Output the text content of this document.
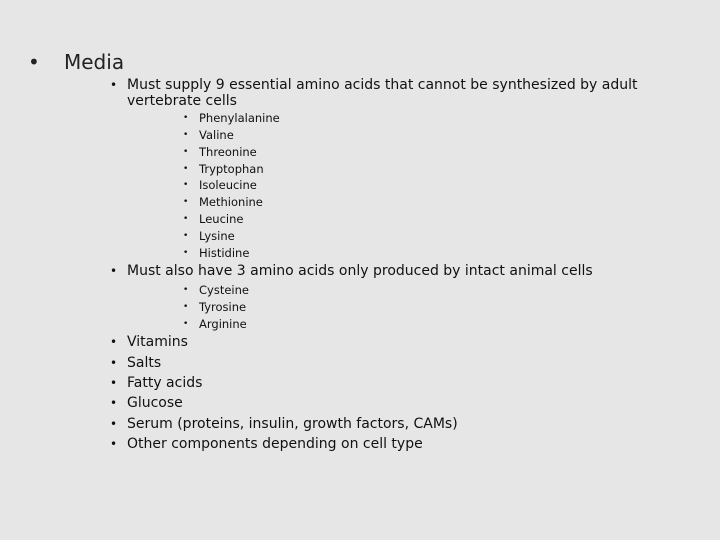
• Media
• Must supply 9 essential amino acids that cannot be synthesized by adult
vertebrate cells
• Phenylalanine
• Valine
• Threonine
• Tryptophan
• Isoleucine
• Methionine
• Leucine
• Lysine
• Histidine
• Must also have 3 amino acids only produced by intact animal cells
• Cysteine
• Tyrosine
• Arginine
• Vitamins
• Salts
• Fatty acids
• Glucose
• Serum (proteins, insulin, growth factors, CAMs)
• Other components depending on cell type
